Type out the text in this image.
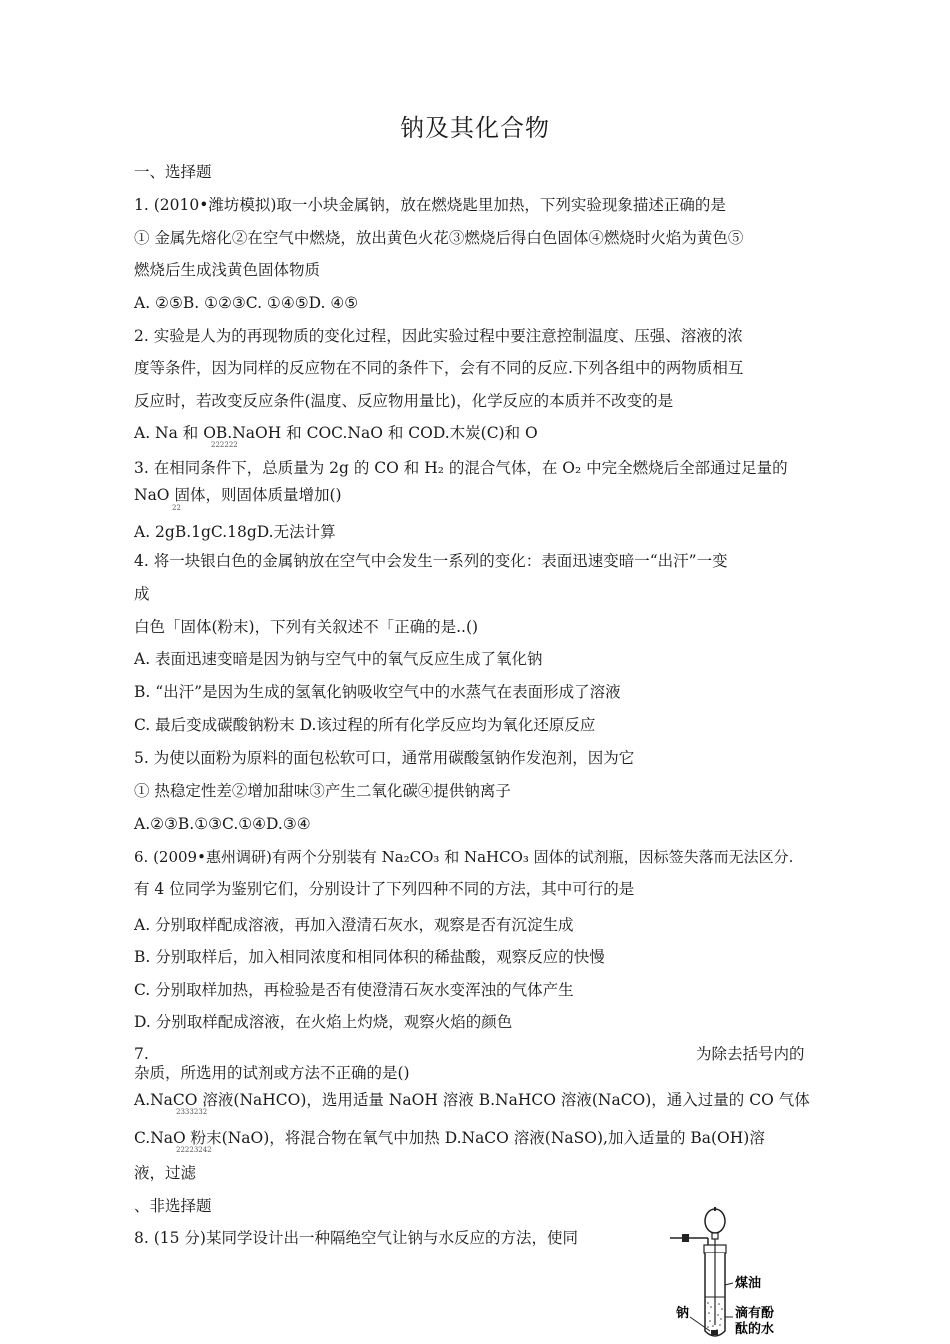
钠及其化合物
一、选择题
1. (2010•潍坊模拟)取一小块金属钠，放在燃烧匙里加热，下列实验现象描述正确的是
① 金属先熔化②在空气中燃烧，放出黄色火花③燃烧后得白色固体④燃烧时火焰为黄色⑤
燃烧后生成浅黄色固体物质
A. ②⑤B. ①②③C. ①④⑤D. ④⑤
2. 实验是人为的再现物质的变化过程，因此实验过程中要注意控制温度、压强、溶液的浓
度等条件，因为同样的反应物在不同的条件下，会有不同的反应.下列各组中的两物质相互
反应时，若改变反应条件(温度、反应物用量比)，化学反应的本质并不改变的是
A. Na 和 OB.NaOH 和 COC.NaO 和 COD.木炭(C)和 O
222222
3. 在相同条件下，总质量为 2g 的 CO 和 H₂ 的混合气体，在 O₂ 中完全燃烧后全部通过足量的
NaO 固体，则固体质量增加()
22
A. 2gB.1gC.18gD.无法计算
4. 将一块银白色的金属钠放在空气中会发生一系列的变化：表面迅速变暗一“出汗”一变
成
白色「固体(粉末)，下列有关叙述不「正确的是..()
A. 表面迅速变暗是因为钠与空气中的氧气反应生成了氧化钠
B. “出汗”是因为生成的氢氧化钠吸收空气中的水蒸气在表面形成了溶液
C. 最后变成碳酸钠粉末 D.该过程的所有化学反应均为氧化还原反应
5. 为使以面粉为原料的面包松软可口，通常用碳酸氢钠作发泡剂，因为它
① 热稳定性差②增加甜味③产生二氧化碳④提供钠离子
A.②③B.①③C.①④D.③④
6. (2009•惠州调研)有两个分别装有 Na₂CO₃ 和 NaHCO₃ 固体的试剂瓶，因标签失落而无法区分.
有 4 位同学为鉴别它们，分别设计了下列四种不同的方法，其中可行的是
A. 分别取样配成溶液，再加入澄清石灰水，观察是否有沉淀生成
B. 分别取样后，加入相同浓度和相同体积的稀盐酸，观察反应的快慢
C. 分别取样加热，再检验是否有使澄清石灰水变浑浊的气体产生
D. 分别取样配成溶液，在火焰上灼烧，观察火焰的颜色
7.	为除去括号内的
杂质，所选用的试剂或方法不正确的是()
A.NaCO 溶液(NaHCO)，选用适量 NaOH 溶液 B.NaHCO 溶液(NaCO)，通入过量的 CO 气体
2333232
C.NaO 粉末(NaO)，将混合物在氧气中加热 D.NaCO 溶液(NaSO),加入适量的 Ba(OH)溶
22223242
液，过滤
、非选择题
8. (15 分)某同学设计出一种隔绝空气让钠与水反应的方法，使同
煤油
钠	滴有酚
酞的水
